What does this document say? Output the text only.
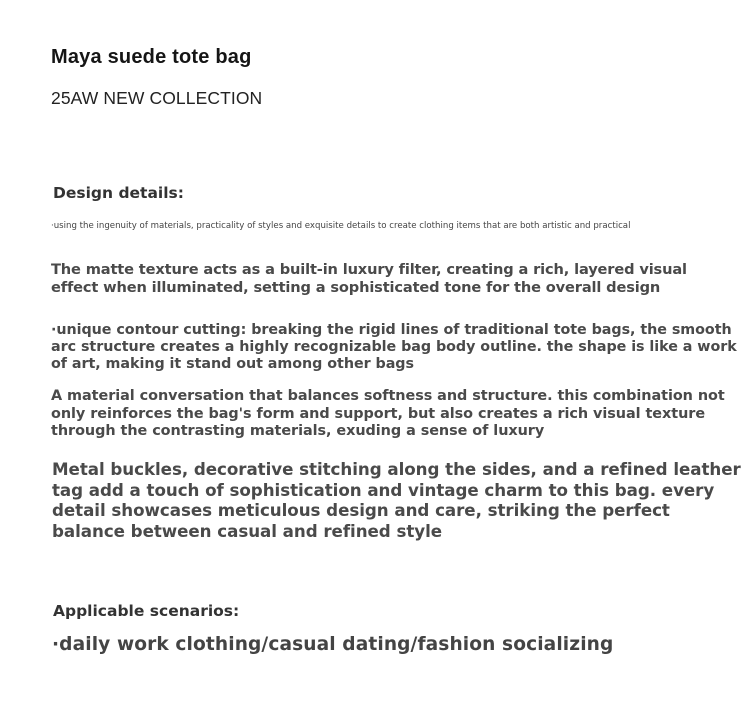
Maya suede tote bag
25AW NEW COLLECTION
Design details:
·using the ingenuity of materials, practicality of styles and exquisite details to create clothing items that are both artistic and practical

The matte texture acts as a built-in luxury filter, creating a rich, layered visual effect when illuminated, setting a sophisticated tone for the overall design

·unique contour cutting: breaking the rigid lines of traditional tote bags, the smooth arc structure creates a highly recognizable bag body outline. the shape is like a work of art, making it stand out among other bags

A material conversation that balances softness and structure. this combination not only reinforces the bag's form and support, but also creates a rich visual texture through the contrasting materials, exuding a sense of luxury

Metal buckles, decorative stitching along the sides, and a refined leather tag add a touch of sophistication and vintage charm to this bag. every detail showcases meticulous design and care, striking the perfect balance between casual and refined style

Applicable scenarios:
·daily work clothing/casual dating/fashion socializing
